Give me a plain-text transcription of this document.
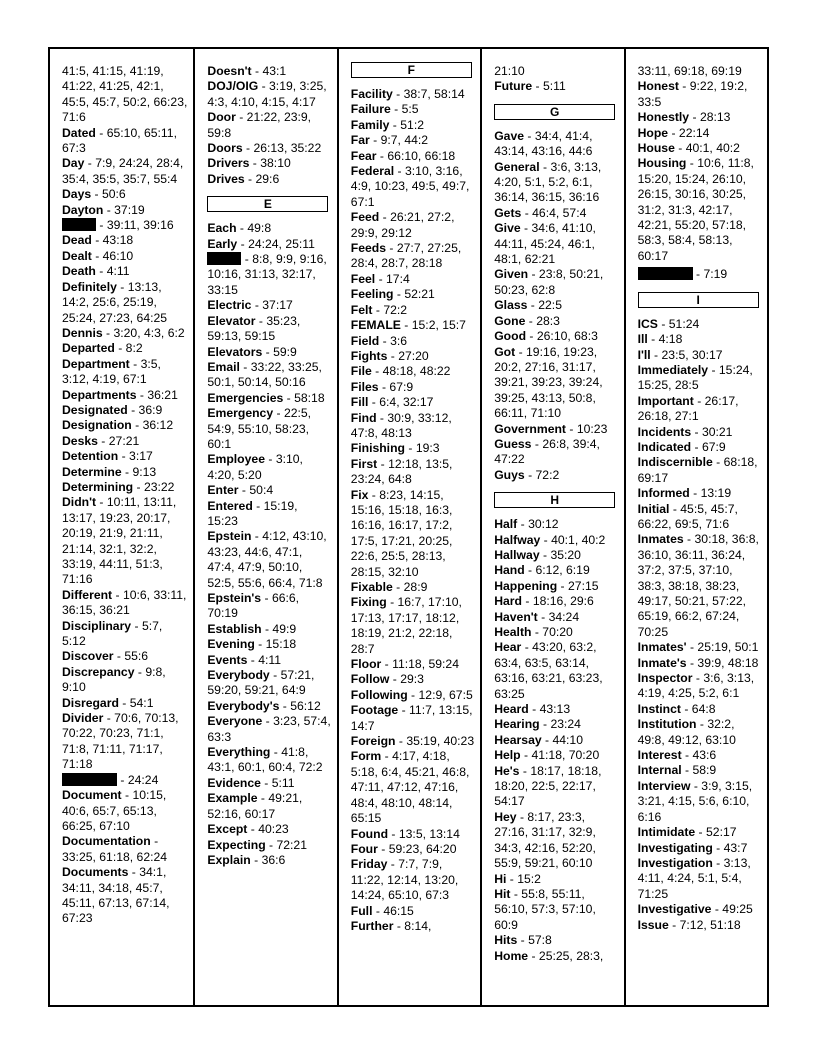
41:5, 41:15, 41:19, 41:22, 41:25, 42:1, 45:5, 45:7, 50:2, 66:23, 71:6
Dated - 65:10, 65:11, 67:3
Day - 7:9, 24:24, 28:4, 35:4, 35:5, 35:7, 55:4
Days - 50:6
Dayton - 37:19
- 39:11, 39:16
Dead - 43:18
Dealt - 46:10
Death - 4:11
Definitely - 13:13, 14:2, 25:6, 25:19, 25:24, 27:23, 64:25
Dennis - 3:20, 4:3, 6:2
Departed - 8:2
Department - 3:5, 3:12, 4:19, 67:1
Departments - 36:21
Designated - 36:9
Designation - 36:12
Desks - 27:21
Detention - 3:17
Determine - 9:13
Determining - 23:22
Didn't - 10:11, 13:11, 13:17, 19:23, 20:17, 20:19, 21:9, 21:11, 21:14, 32:1, 32:2, 33:19, 44:11, 51:3, 71:16
Different - 10:6, 33:11, 36:15, 36:21
Disciplinary - 5:7, 5:12
Discover - 55:6
Discrepancy - 9:8, 9:10
Disregard - 54:1
Divider - 70:6, 70:13, 70:22, 70:23, 71:1, 71:8, 71:11, 71:17, 71:18
- 24:24
Document - 10:15, 40:6, 65:7, 65:13, 66:25, 67:10
Documentation - 33:25, 61:18, 62:24
Documents - 34:1, 34:11, 34:18, 45:7, 45:11, 67:13, 67:14, 67:23
Doesn't - 43:1
DOJ/OIG - 3:19, 3:25, 4:3, 4:10, 4:15, 4:17
Door - 21:22, 23:9, 59:8
Doors - 26:13, 35:22
Drivers - 38:10
Drives - 29:6
E
Each - 49:8
Early - 24:24, 25:11
- 8:8, 9:9, 9:16, 10:16, 31:13, 32:17, 33:15
Electric - 37:17
Elevator - 35:23, 59:13, 59:15
Elevators - 59:9
Email - 33:22, 33:25, 50:1, 50:14, 50:16
Emergencies - 58:18
Emergency - 22:5, 54:9, 55:10, 58:23, 60:1
Employee - 3:10, 4:20, 5:20
Enter - 50:4
Entered - 15:19, 15:23
Epstein - 4:12, 43:10, 43:23, 44:6, 47:1, 47:4, 47:9, 50:10, 52:5, 55:6, 66:4, 71:8
Epstein's - 66:6, 70:19
Establish - 49:9
Evening - 15:18
Events - 4:11
Everybody - 57:21, 59:20, 59:21, 64:9
Everybody's - 56:12
Everyone - 3:23, 57:4, 63:3
Everything - 41:8, 43:1, 60:1, 60:4, 72:2
Evidence - 5:11
Example - 49:21, 52:16, 60:17
Except - 40:23
Expecting - 72:21
Explain - 36:6
F
Facility - 38:7, 58:14
Failure - 5:5
Family - 51:2
Far - 9:7, 44:2
Fear - 66:10, 66:18
Federal - 3:10, 3:16, 4:9, 10:23, 49:5, 49:7, 67:1
Feed - 26:21, 27:2, 29:9, 29:12
Feeds - 27:7, 27:25, 28:4, 28:7, 28:18
Feel - 17:4
Feeling - 52:21
Felt - 72:2
FEMALE - 15:2, 15:7
Field - 3:6
Fights - 27:20
File - 48:18, 48:22
Files - 67:9
Fill - 6:4, 32:17
Find - 30:9, 33:12, 47:8, 48:13
Finishing - 19:3
First - 12:18, 13:5, 23:24, 64:8
Fix - 8:23, 14:15, 15:16, 15:18, 16:3, 16:16, 16:17, 17:2, 17:5, 17:21, 20:25, 22:6, 25:5, 28:13, 28:15, 32:10
Fixable - 28:9
Fixing - 16:7, 17:10, 17:13, 17:17, 18:12, 18:19, 21:2, 22:18, 28:7
Floor - 11:18, 59:24
Follow - 29:3
Following - 12:9, 67:5
Footage - 11:7, 13:15, 14:7
Foreign - 35:19, 40:23
Form - 4:17, 4:18, 5:18, 6:4, 45:21, 46:8, 47:11, 47:12, 47:16, 48:4, 48:10, 48:14, 65:15
Found - 13:5, 13:14
Four - 59:23, 64:20
Friday - 7:7, 7:9, 11:22, 12:14, 13:20, 14:24, 65:10, 67:3
Full - 46:15
Further - 8:14,
21:10
Future - 5:11
G
Gave - 34:4, 41:4, 43:14, 43:16, 44:6
General - 3:6, 3:13, 4:20, 5:1, 5:2, 6:1, 36:14, 36:15, 36:16
Gets - 46:4, 57:4
Give - 34:6, 41:10, 44:11, 45:24, 46:1, 48:1, 62:21
Given - 23:8, 50:21, 50:23, 62:8
Glass - 22:5
Gone - 28:3
Good - 26:10, 68:3
Got - 19:16, 19:23, 20:2, 27:16, 31:17, 39:21, 39:23, 39:24, 39:25, 43:13, 50:8, 66:11, 71:10
Government - 10:23
Guess - 26:8, 39:4, 47:22
Guys - 72:2
H
Half - 30:12
Halfway - 40:1, 40:2
Hallway - 35:20
Hand - 6:12, 6:19
Happening - 27:15
Hard - 18:16, 29:6
Haven't - 34:24
Health - 70:20
Hear - 43:20, 63:2, 63:4, 63:5, 63:14, 63:16, 63:21, 63:23, 63:25
Heard - 43:13
Hearing - 23:24
Hearsay - 44:10
Help - 41:18, 70:20
He's - 18:17, 18:18, 18:20, 22:5, 22:17, 54:17
Hey - 8:17, 23:3, 27:16, 31:17, 32:9, 34:3, 42:16, 52:20, 55:9, 59:21, 60:10
Hi - 15:2
Hit - 55:8, 55:11, 56:10, 57:3, 57:10, 60:9
Hits - 57:8
Home - 25:25, 28:3,
33:11, 69:18, 69:19
Honest - 9:22, 19:2, 33:5
Honestly - 28:13
Hope - 22:14
House - 40:1, 40:2
Housing - 10:6, 11:8, 15:20, 15:24, 26:10, 26:15, 30:16, 30:25, 31:2, 31:3, 42:17, 42:21, 55:20, 57:18, 58:3, 58:4, 58:13, 60:17
- 7:19
I
ICS - 51:24
Ill - 4:18
I'll - 23:5, 30:17
Immediately - 15:24, 15:25, 28:5
Important - 26:17, 26:18, 27:1
Incidents - 30:21
Indicated - 67:9
Indiscernible - 68:18, 69:17
Informed - 13:19
Initial - 45:5, 45:7, 66:22, 69:5, 71:6
Inmates - 30:18, 36:8, 36:10, 36:11, 36:24, 37:2, 37:5, 37:10, 38:3, 38:18, 38:23, 49:17, 50:21, 57:22, 65:19, 66:2, 67:24, 70:25
Inmates' - 25:19, 50:1
Inmate's - 39:9, 48:18
Inspector - 3:6, 3:13, 4:19, 4:25, 5:2, 6:1
Instinct - 64:8
Institution - 32:2, 49:8, 49:12, 63:10
Interest - 43:6
Internal - 58:9
Interview - 3:9, 3:15, 3:21, 4:15, 5:6, 6:10, 6:16
Intimidate - 52:17
Investigating - 43:7
Investigation - 3:13, 4:11, 4:24, 5:1, 5:4, 71:25
Investigative - 49:25
Issue - 7:12, 51:18
